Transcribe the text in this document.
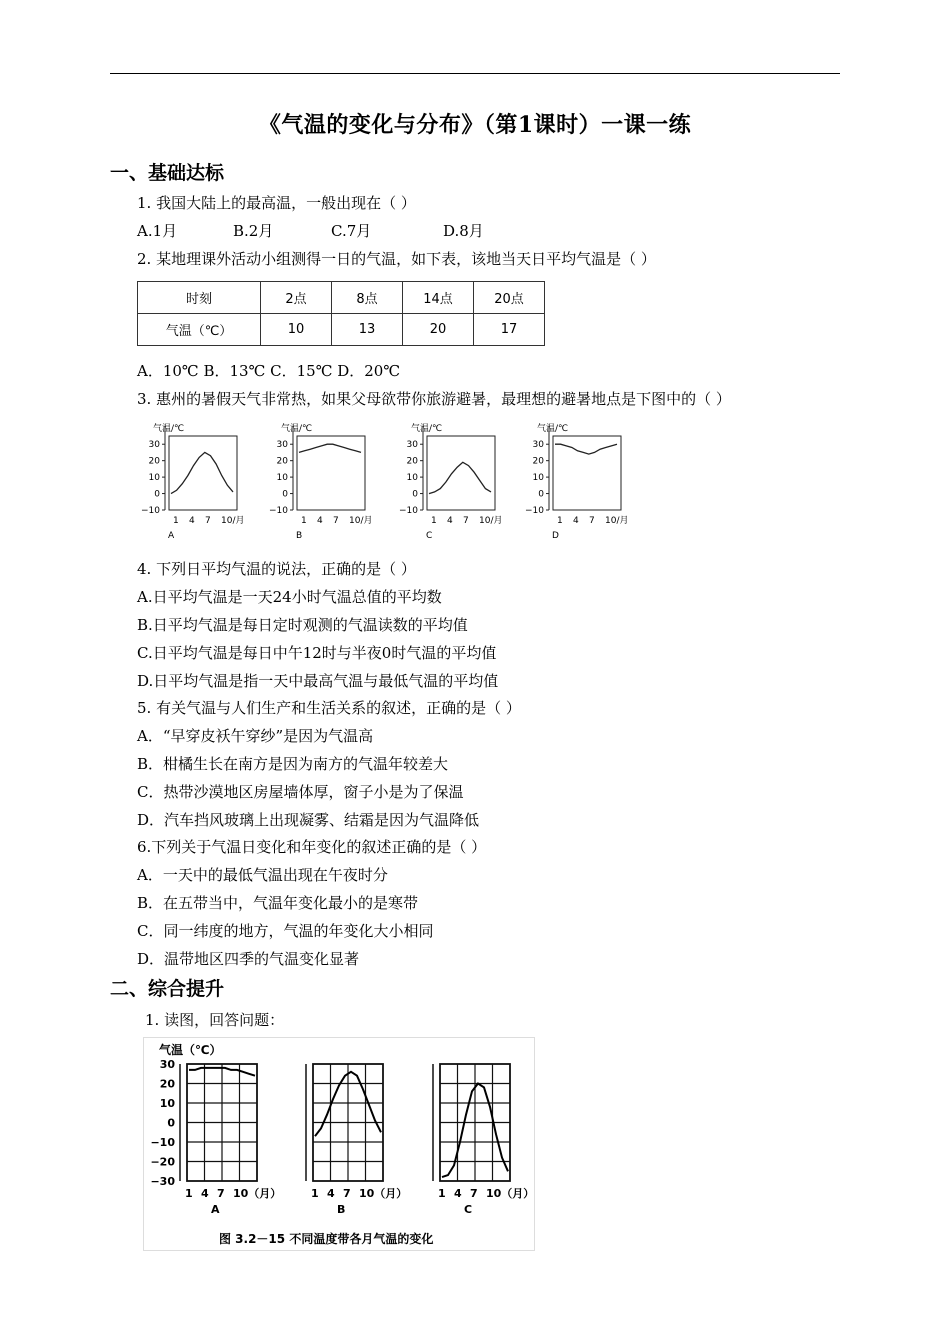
《气温的变化与分布》（第1课时）一课一练
一、基础达标
1. 我国大陆上的最高温，一般出现在（ ）
A.1月	B.2月	C.7月	D.8月
2. 某地理课外活动小组测得一日的气温，如下表，该地当天日平均气温是（ ）
时刻	2点	8点	14点	20点
气温（℃）	10	13	20	17
A．10℃ B．13℃ C．15℃ D．20℃
3. 惠州的暑假天气非常热，如果父母欲带你旅游避暑，最理想的避暑地点是下图中的（ ）
气温/℃
30
20
10
0
−10
1 4 7 10/月
A
气温/℃
30
20
10
0
−10
1 4 7 10/月
B
气温/℃
30
20
10
0
−10
1 4 7 10/月
C
气温/℃
30
20
10
0
−10
1 4 7 10/月
D
4. 下列日平均气温的说法，正确的是（ ）
A.日平均气温是一天24小时气温总值的平均数
B.日平均气温是每日定时观测的气温读数的平均值
C.日平均气温是每日中午12时与半夜0时气温的平均值
D.日平均气温是指一天中最高气温与最低气温的平均值
5. 有关气温与人们生产和生活关系的叙述，正确的是（ ）
A．“早穿皮袄午穿纱”是因为气温高
B．柑橘生长在南方是因为南方的气温年较差大
C．热带沙漠地区房屋墙体厚，窗子小是为了保温
D．汽车挡风玻璃上出现凝雾、结霜是因为气温降低
6.下列关于气温日变化和年变化的叙述正确的是（ ）
A．一天中的最低气温出现在午夜时分
B．在五带当中，气温年变化最小的是寒带
C．同一纬度的地方，气温的年变化大小相同
D．温带地区四季的气温变化显著
二、综合提升
1. 读图，回答问题：
气温（℃）
30
20
10
0
−10
−20
−30
1 4 7 10（月）
A
1 4 7 10（月）
B
1 4 7 10（月）
C
图 3.2－15 不同温度带各月气温的变化
